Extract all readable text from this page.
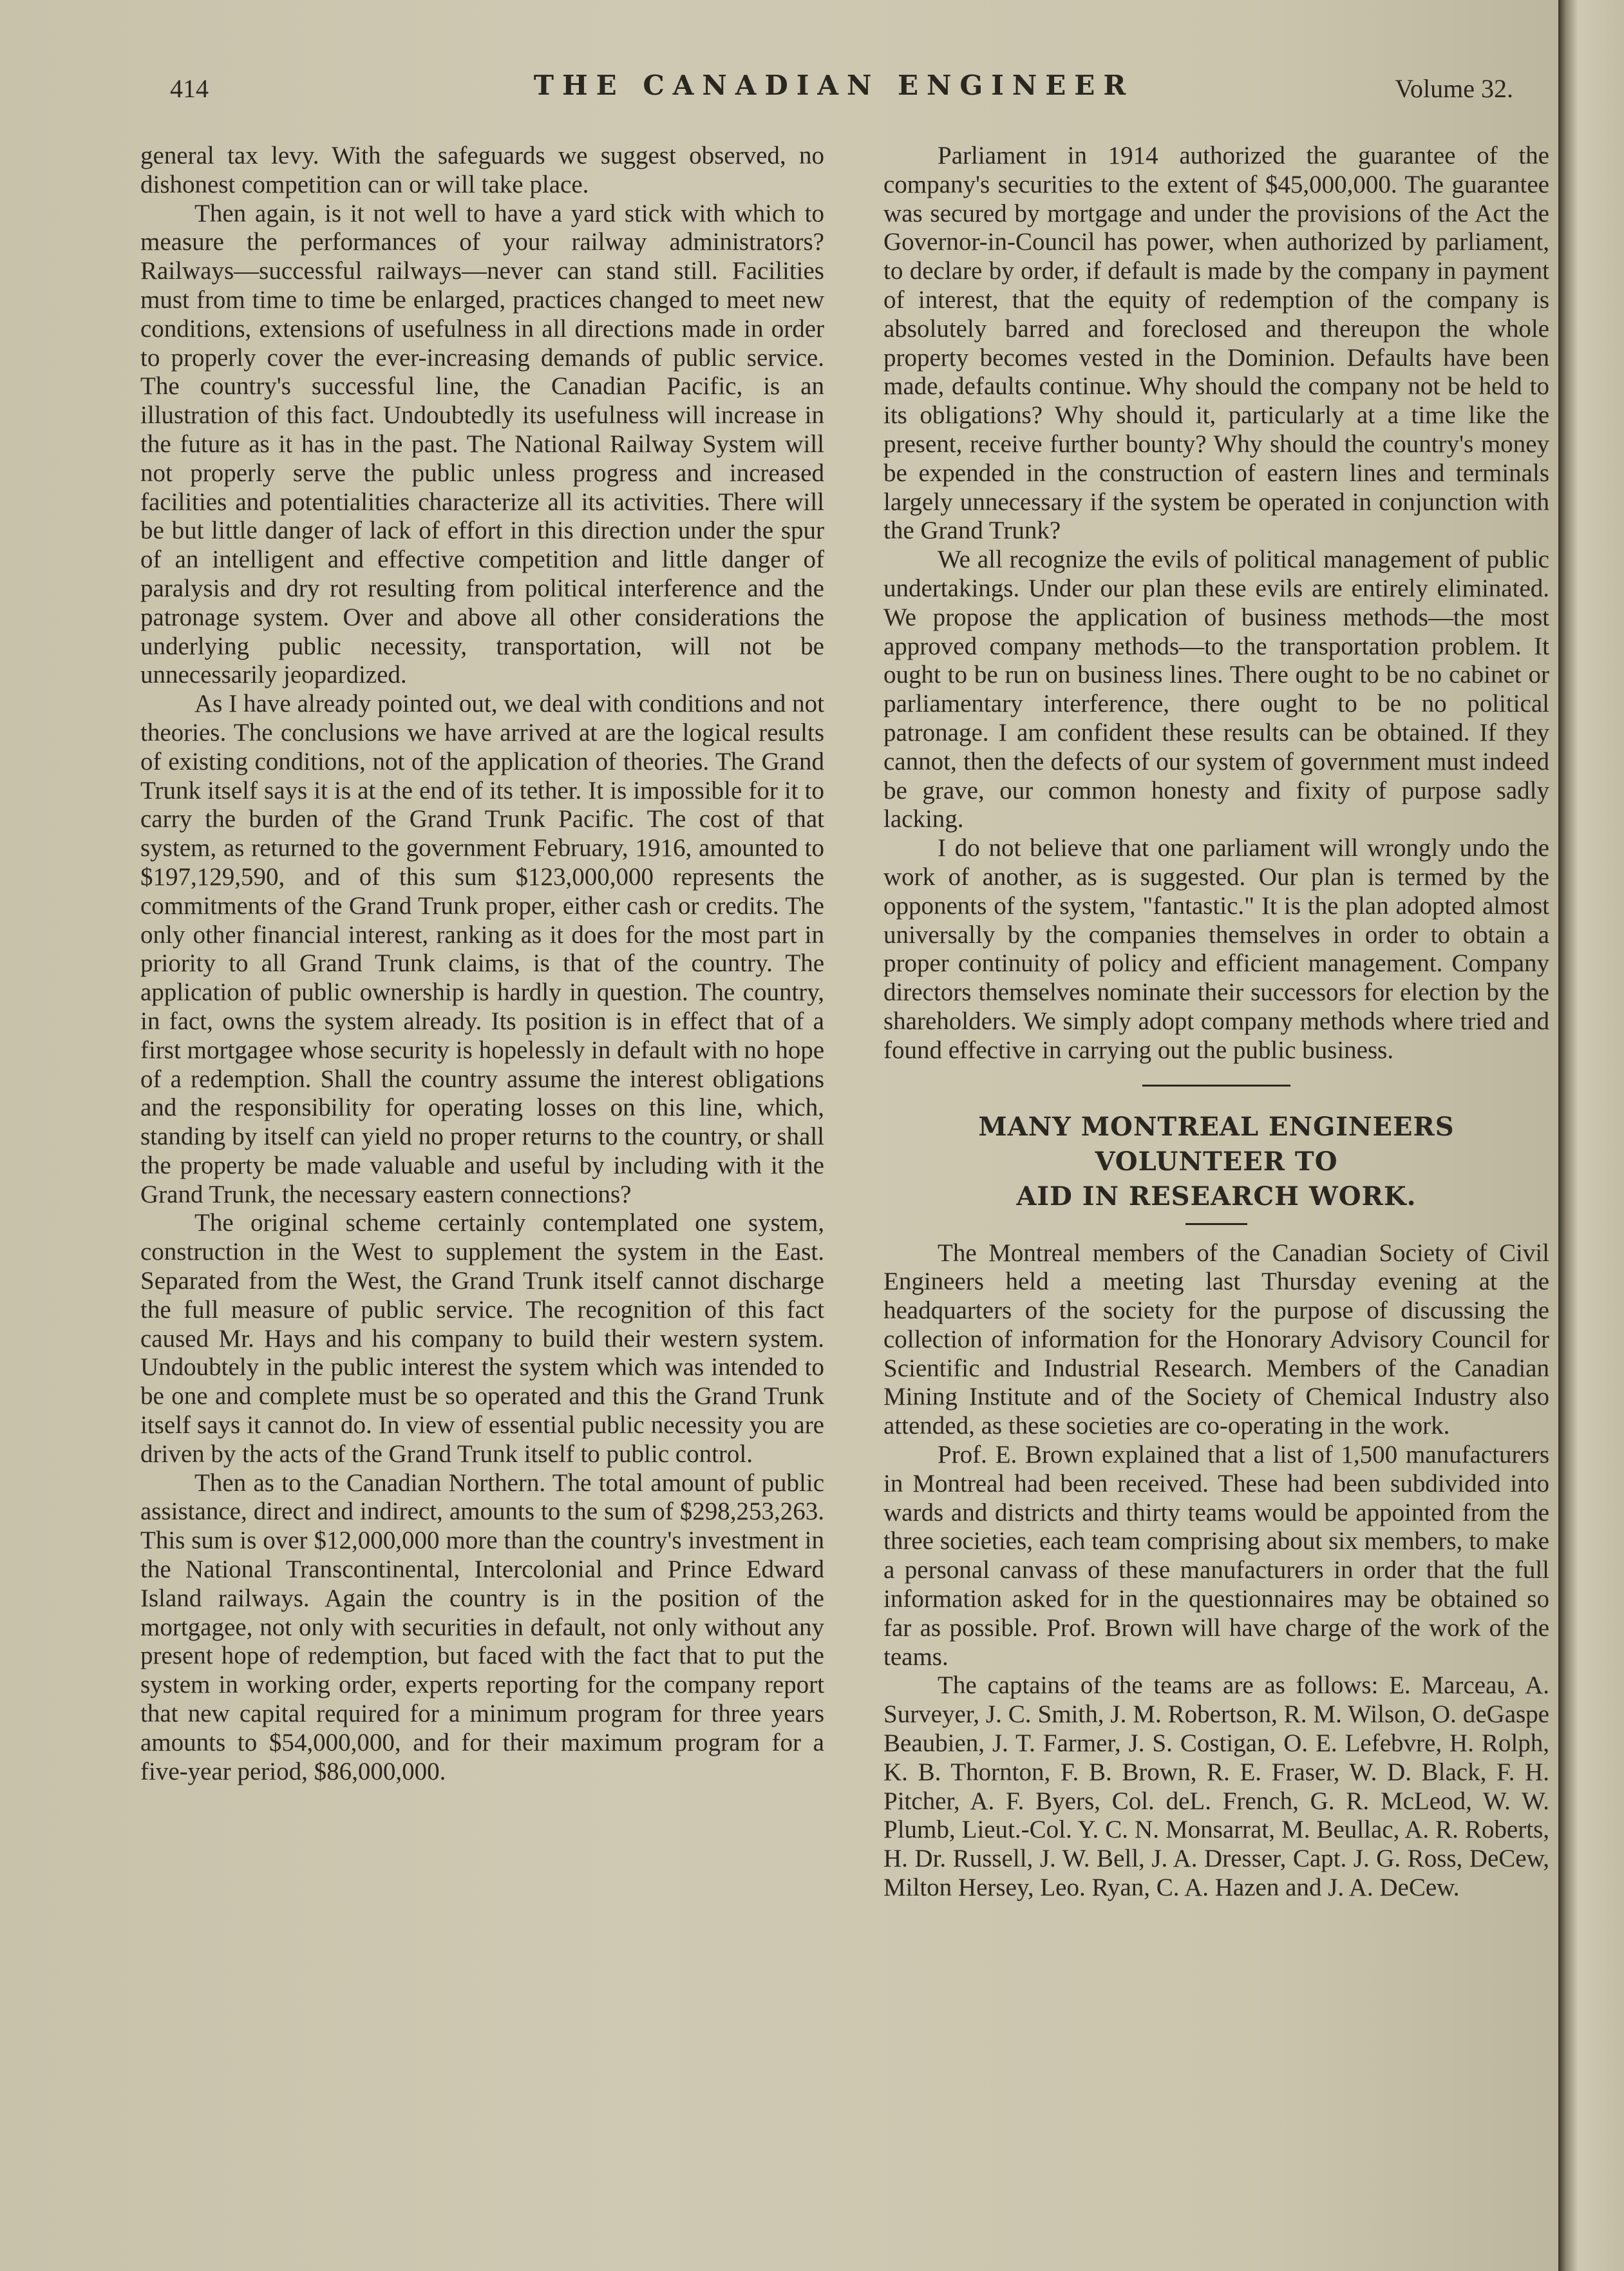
414	THE CANADIAN ENGINEER	Volume 32.

general tax levy. With the safeguards we suggest observed, no dishonest competition can or will take place.

Then again, is it not well to have a yard stick with which to measure the performances of your railway administrators? Railways—successful railways—never can stand still. Facilities must from time to time be enlarged, practices changed to meet new conditions, extensions of usefulness in all directions made in order to properly cover the ever-increasing demands of public service. The country's successful line, the Canadian Pacific, is an illustration of this fact. Undoubtedly its usefulness will increase in the future as it has in the past. The National Railway System will not properly serve the public unless progress and increased facilities and potentialities characterize all its activities. There will be but little danger of lack of effort in this direction under the spur of an intelligent and effective competition and little danger of paralysis and dry rot resulting from political interference and the patronage system. Over and above all other considerations the underlying public necessity, transportation, will not be unnecessarily jeopardized.

As I have already pointed out, we deal with conditions and not theories. The conclusions we have arrived at are the logical results of existing conditions, not of the application of theories. The Grand Trunk itself says it is at the end of its tether. It is impossible for it to carry the burden of the Grand Trunk Pacific. The cost of that system, as returned to the government February, 1916, amounted to $197,129,590, and of this sum $123,000,000 represents the commitments of the Grand Trunk proper, either cash or credits. The only other financial interest, ranking as it does for the most part in priority to all Grand Trunk claims, is that of the country. The application of public ownership is hardly in question. The country, in fact, owns the system already. Its position is in effect that of a first mortgagee whose security is hopelessly in default with no hope of a redemption. Shall the country assume the interest obligations and the responsibility for operating losses on this line, which, standing by itself can yield no proper returns to the country, or shall the property be made valuable and useful by including with it the Grand Trunk, the necessary eastern connections?

The original scheme certainly contemplated one system, construction in the West to supplement the system in the East. Separated from the West, the Grand Trunk itself cannot discharge the full measure of public service. The recognition of this fact caused Mr. Hays and his company to build their western system. Undoubtely in the public interest the system which was intended to be one and complete must be so operated and this the Grand Trunk itself says it cannot do. In view of essential public necessity you are driven by the acts of the Grand Trunk itself to public control.

Then as to the Canadian Northern. The total amount of public assistance, direct and indirect, amounts to the sum of $298,253,263. This sum is over $12,000,000 more than the country's investment in the National Transcontinental, Intercolonial and Prince Edward Island railways. Again the country is in the position of the mortgagee, not only with securities in default, not only without any present hope of redemption, but faced with the fact that to put the system in working order, experts reporting for the company report that new capital required for a minimum program for three years amounts to $54,000,000, and for their maximum program for a five-year period, $86,000,000.

Parliament in 1914 authorized the guarantee of the company's securities to the extent of $45,000,000. The guarantee was secured by mortgage and under the provisions of the Act the Governor-in-Council has power, when authorized by parliament, to declare by order, if default is made by the company in payment of interest, that the equity of redemption of the company is absolutely barred and foreclosed and thereupon the whole property becomes vested in the Dominion. Defaults have been made, defaults continue. Why should the company not be held to its obligations? Why should it, particularly at a time like the present, receive further bounty? Why should the country's money be expended in the construction of eastern lines and terminals largely unnecessary if the system be operated in conjunction with the Grand Trunk?

We all recognize the evils of political management of public undertakings. Under our plan these evils are entirely eliminated. We propose the application of business methods—the most approved company methods—to the transportation problem. It ought to be run on business lines. There ought to be no cabinet or parliamentary interference, there ought to be no political patronage. I am confident these results can be obtained. If they cannot, then the defects of our system of government must indeed be grave, our common honesty and fixity of purpose sadly lacking.

I do not believe that one parliament will wrongly undo the work of another, as is suggested. Our plan is termed by the opponents of the system, "fantastic." It is the plan adopted almost universally by the companies themselves in order to obtain a proper continuity of policy and efficient management. Company directors themselves nominate their successors for election by the shareholders. We simply adopt company methods where tried and found effective in carrying out the public business.

MANY MONTREAL ENGINEERS VOLUNTEER TO
AID IN RESEARCH WORK.

The Montreal members of the Canadian Society of Civil Engineers held a meeting last Thursday evening at the headquarters of the society for the purpose of discussing the collection of information for the Honorary Advisory Council for Scientific and Industrial Research. Members of the Canadian Mining Institute and of the Society of Chemical Industry also attended, as these societies are co-operating in the work.

Prof. E. Brown explained that a list of 1,500 manufacturers in Montreal had been received. These had been subdivided into wards and districts and thirty teams would be appointed from the three societies, each team comprising about six members, to make a personal canvass of these manufacturers in order that the full information asked for in the questionnaires may be obtained so far as possible. Prof. Brown will have charge of the work of the teams.

The captains of the teams are as follows: E. Marceau, A. Surveyer, J. C. Smith, J. M. Robertson, R. M. Wilson, O. deGaspe Beaubien, J. T. Farmer, J. S. Costigan, O. E. Lefebvre, H. Rolph, K. B. Thornton, F. B. Brown, R. E. Fraser, W. D. Black, F. H. Pitcher, A. F. Byers, Col. deL. French, G. R. McLeod, W. W. Plumb, Lieut.-Col. Y. C. N. Monsarrat, M. Beullac, A. R. Roberts, H. Dr. Russell, J. W. Bell, J. A. Dresser, Capt. J. G. Ross, DeCew, Milton Hersey, Leo. Ryan, C. A. Hazen and J. A. DeCew.
